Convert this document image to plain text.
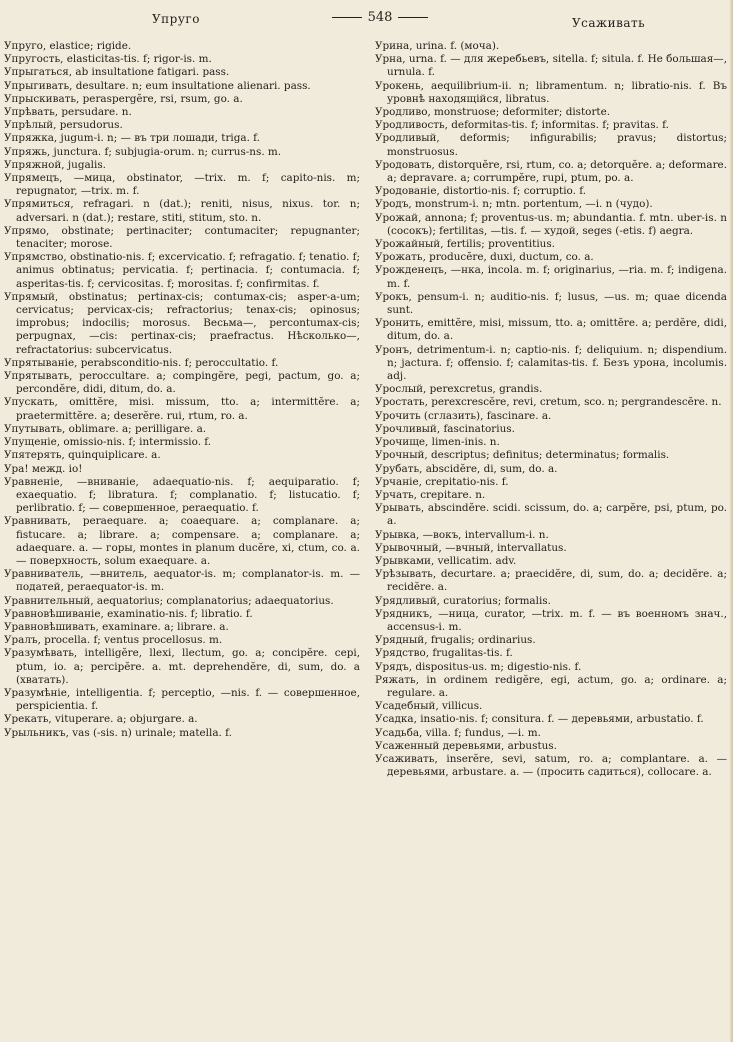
Упруго	548	Усаживать

Упруго, elastice; rigide.

Упругость, elasticitas-tis. f; rigor-is. m.

Упрыгаться, ab insultatione fatigari. pass.

Упрыгивать, desultare. n; eum insultatione alienari. pass.

Упрыскивать, peraspergĕre, rsi, rsum, go. a.

Упрѣвать, persudare. n.

Упрѣлый, persudorus.

Упряжка, jugum-i. n; — въ три лошади, triga. f.

Упряжь, junctura. f; subjugia-orum. n; currus-ns. m.

Упряжной, jugalis.

Упрямецъ, —мица, obstinator, —trix. m. f; capito-nis. m; repugnator, —trix. m. f.

Упрямиться, refragari. n (dat.); reniti, nisus, nixus. tor. n; adversari. n (dat.); restare, stiti, stitum, sto. n.

Упрямо, obstinate; pertinaciter; contumaciter; repugnanter; tenaciter; morose.

Упрямство, obstinatio-nis. f; excervicatio. f; refragatio. f; tenatio. f; animus obtinatus; pervicatia. f; pertinacia. f; contumacia. f; asperitas-tis. f; cervicositas. f; morositas. f; confirmitas. f.

Упрямый, obstinatus; pertinax-cis; contumax-cis; asper-a-um; cervicatus; pervicax-cis; refractorius; tenax-cis; opinosus; improbus; indocilis; morosus. Весьма—, percontumax-cis; perpugnax, —cis: pertinax-cis; praefractus. Нѣсколько—, refractatorius: subcervicatus.

Упрятываніе, perabsconditio-nis. f; peroccultatio. f.

Упрятывать, peroccultare. a; compingĕre, pegi, pactum, go. a; percondĕre, didi, ditum, do. a.

Упускать, omittĕre, misi. missum, tto. a; intermittĕre. a; praetermittĕre. a; deserĕre. rui, rtum, ro. a.

Упутывать, oblimare. a; perilligare. a.

Упущеніе, omissio-nis. f; intermissio. f.

Упятерять, quinquiplicare. a.

Ура! межд. io!

Уравненіе, —вниваніе, adaequatio-nis. f; aequiparatio. f; exaequatio. f; libratura. f; complanatio. f; listucatio. f; perlibratio. f; — совершенное, peraequatio. f.

Уравнивать, peraequare. a; coaequare. a; complanare. a; fistucare. a; librare. a; compensare. a; complanare. a; adaequare. a. — горы, montes in planum ducĕre, xi, ctum, co. a. — поверхность, solum exaequare. a.

Уравниватель, —внитель, aequator-is. m; complanator-is. m. — податей, peraequator-is. m.

Уравнительный, aequatorius; complanatorius; adaequatorius.

Уравновѣшиваніе, examinatio-nis. f; libratio. f.

Уравновѣшивать, examinare. a; librare. a.

Уралъ, procella. f; ventus procellosus. m.

Уразумѣвать, intelligĕre, llexi, llectum, go. a; concipĕre. cepi, ptum, io. a; percipĕre. a. mt. deprehendĕre, di, sum, do. a (хватать).

Уразумѣніе, intelligentia. f; perceptio, —nis. f. — совершенное, perspicientia. f.

Урекать, vituperare. a; objurgare. a.

Урыльникъ, vas (-sis. n) urinale; matella. f.

Урина, urina. f. (моча).

Урна, urna. f. — для жеребьевъ, sitella. f; situla. f. Не большая—, urnula. f.

Урокень, aequilibrium-ii. n; libramentum. n; libratio-nis. f. Въ уровнѣ находящійся, libratus.

Уродливо, monstruose; deformiter; distorte.

Уродливость, deformitas-tis. f; informitas. f; pravitas. f.

Уродливый, deformis; infigurabilis; pravus; distortus; monstruosus.

Уродовать, distorquĕre, rsi, rtum, co. a; detorquĕre. a; deformare. a; depravare. a; corrumpĕre, rupi, ptum, po. a.

Уродованіе, distortio-nis. f; corruptio. f.

Уродъ, monstrum-i. n; mtn. portentum, —i. n (чудо).

Урожай, annona; f; proventus-us. m; abundantia. f. mtn. uber-is. n (сосокъ); fertilitas, —tis. f. — худой, seges (-etis. f) aegra.

Урожайный, fertilis; proventitius.

Урожать, producĕre, duxi, ductum, co. a.

Урожденецъ, —нка, incola. m. f; originarius, —ria. m. f; indigena. m. f.

Урокъ, pensum-i. n; auditio-nis. f; lusus, —us. m; quae dicenda sunt.

Уронить, emittĕre, misi, missum, tto. a; omittĕre. a; perdĕre, didi, ditum, do. a.

Уронъ, detrimentum-i. n; captio-nis. f; deliquium. n; dispendium. n; jactura. f; offensio. f; calamitas-tis. f. Безъ урона, incolumis. adj.

Урослый, perexcretus, grandis.

Уростать, perexcrescĕre, revi, cretum, sco. n; pergrandescĕre. n.

Урочить (сглазить), fascinare. a.

Урочливый, fascinatorius.

Урочище, limen-inis. n.

Урочный, descriptus; definitus; determinatus; formalis.

Урубать, abscidĕre, di, sum, do. a.

Урчаніе, crepitatio-nis. f.

Урчать, crepitare. n.

Урывать, abscindĕre. scidi. scissum, do. a; carpĕre, psi, ptum, po. a.

Урывка, —вокъ, intervallum-i. n.

Урывочный, —вчный, intervallatus.

Урывками, vellicatim. adv.

Урѣзывать, decurtare. a; praecidĕre, di, sum, do. a; decidĕre. a; recidĕre. a.

Урядливый, curatorius; formalis.

Урядникъ, —ница, curator, —trix. m. f. — въ военномъ знач., accensus-i. m.

Урядный, frugalis; ordinarius.

Урядство, frugalitas-tis. f.

Урядъ, dispositus-us. m; digestio-nis. f.

Ряжать, in ordinem redigĕre, egi, actum, go. a; ordinare. a; regulare. a.

Усадебный, villicus.

Усадка, insatio-nis. f; consitura. f. — деревьями, arbustatio. f.

Усадьба, villa. f; fundus, —i. m.

Усаженный деревьями, arbustus.

Усаживать, inserĕre, sevi, satum, ro. a; complantare. a. — деревьями, arbustare. a. — (просить садиться), collocare. a.
